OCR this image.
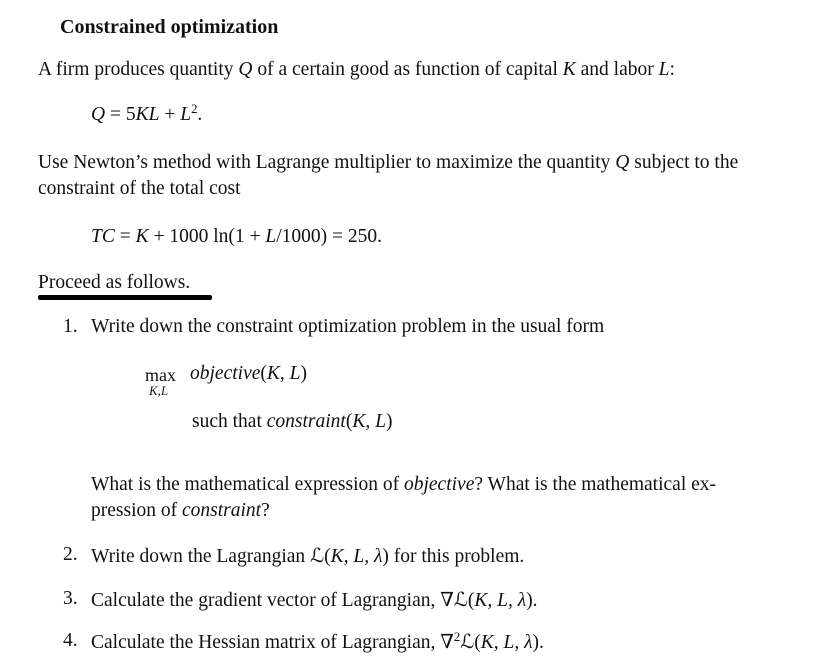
Constrained optimization
A firm produces quantity Q of a certain good as function of capital K and labor L:
$Q = 5KL + L^2$.
Use Newton’s method with Lagrange multiplier to maximize the quantity Q subject to the
constraint of the total cost
TC = K + 1000 ln(1 + L/1000) = 250.
Proceed as follows.
1. Write down the constraint optimization problem in the usual form
max
K,L
objective(K, L)
such that constraint(K, L)
What is the mathematical expression of objective? What is the mathematical ex-
pression of constraint?
2. Write down the Lagrangian ℒ(K, L, λ) for this problem.
3. Calculate the gradient vector of Lagrangian, ∇ℒ(K, L, λ).
4. Calculate the Hessian matrix of Lagrangian, ∇$^2$ℒ(K, L, λ).
